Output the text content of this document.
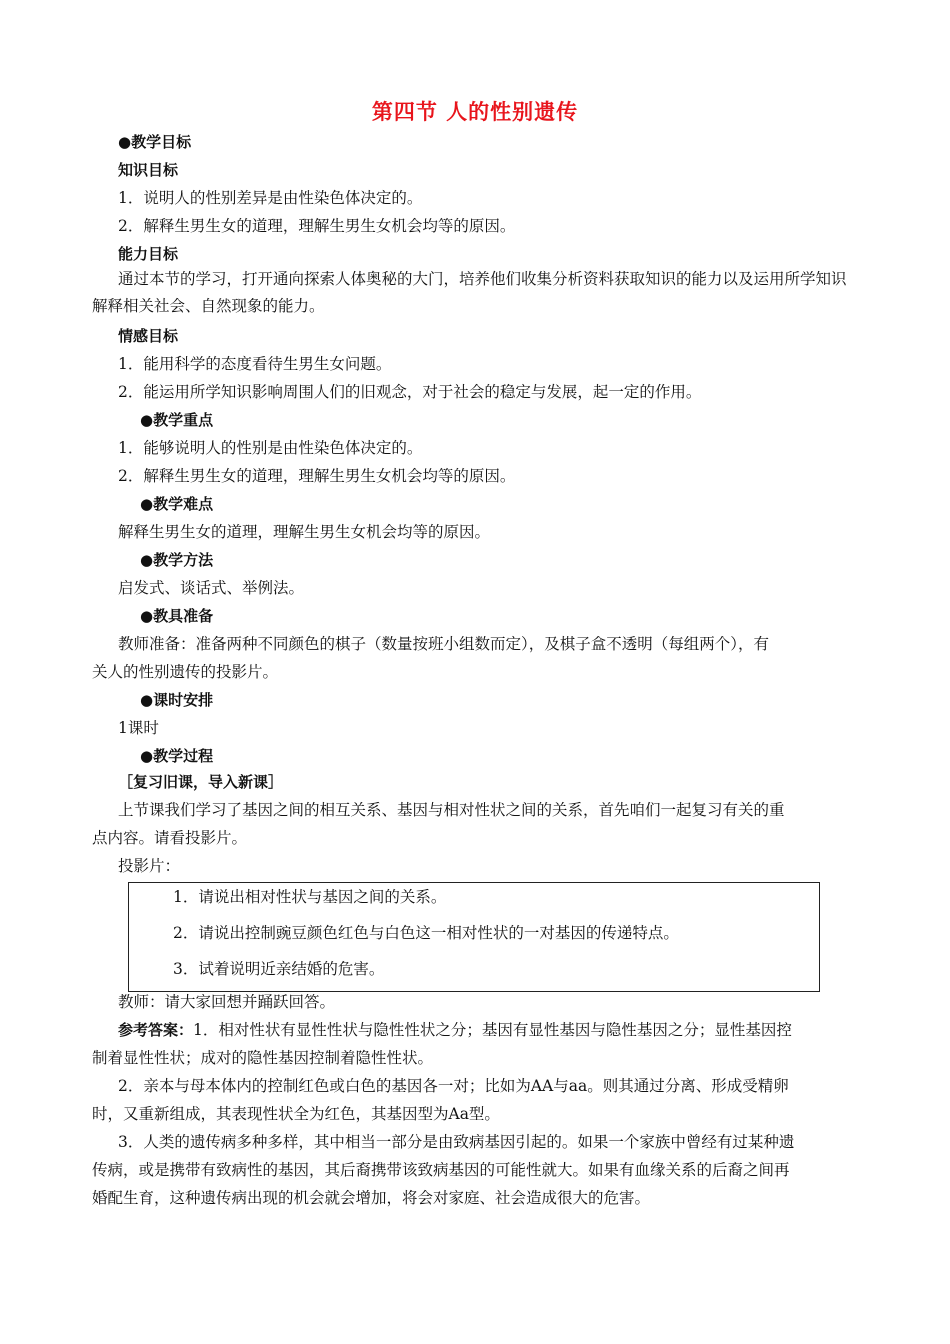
第四节 人的性别遗传
●教学目标
知识目标
1．说明人的性别差异是由性染色体决定的。
2．解释生男生女的道理，理解生男生女机会均等的原因。
能力目标
通过本节的学习，打开通向探索人体奥秘的大门，培养他们收集分析资料获取知识的能力以及运用所学知识解释相关社会、自然现象的能力。
情感目标
1．能用科学的态度看待生男生女问题。
2．能运用所学知识影响周围人们的旧观念，对于社会的稳定与发展，起一定的作用。
●教学重点
1．能够说明人的性别是由性染色体决定的。
2．解释生男生女的道理，理解生男生女机会均等的原因。
●教学难点
解释生男生女的道理，理解生男生女机会均等的原因。
●教学方法
启发式、谈话式、举例法。
●教具准备
教师准备：准备两种不同颜色的棋子（数量按班小组数而定），及棋子盒不透明（每组两个），有
关人的性别遗传的投影片。
●课时安排
1课时
●教学过程
［复习旧课，导入新课］
上节课我们学习了基因之间的相互关系、基因与相对性状之间的关系，首先咱们一起复习有关的重
点内容。请看投影片。
投影片：
1．请说出相对性状与基因之间的关系。
2．请说出控制豌豆颜色红色与白色这一相对性状的一对基因的传递特点。
3．试着说明近亲结婚的危害。
教师：请大家回想并踊跃回答。
参考答案：1．相对性状有显性性状与隐性性状之分；基因有显性基因与隐性基因之分；显性基因控
制着显性性状；成对的隐性基因控制着隐性性状。
2．亲本与母本体内的控制红色或白色的基因各一对；比如为AA与aa。则其通过分离、形成受精卵
时，又重新组成，其表现性状全为红色，其基因型为Aa型。
3．人类的遗传病多种多样，其中相当一部分是由致病基因引起的。如果一个家族中曾经有过某种遗
传病，或是携带有致病性的基因，其后裔携带该致病基因的可能性就大。如果有血缘关系的后裔之间再
婚配生育，这种遗传病出现的机会就会增加，将会对家庭、社会造成很大的危害。
